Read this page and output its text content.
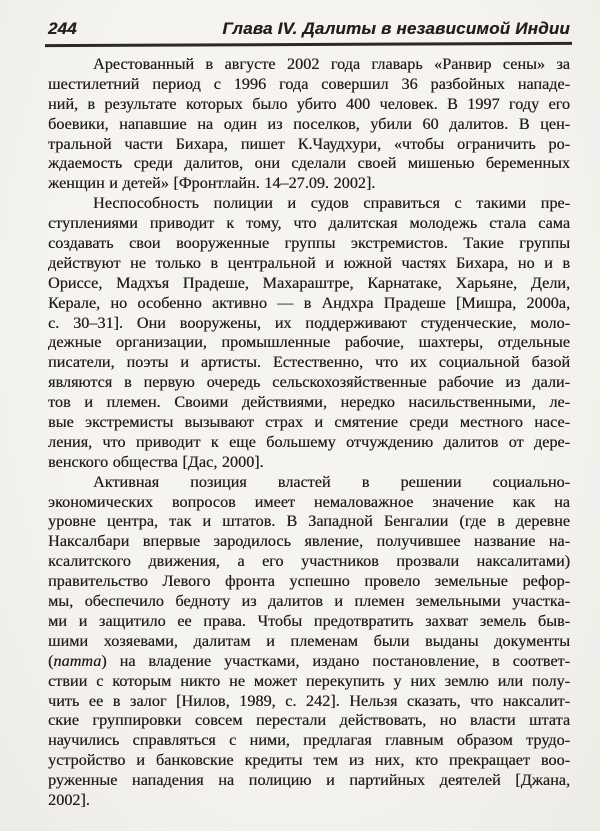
244	Глава IV. Далиты в независимой Индии
Арестованный в августе 2002 года главарь «Ранвир сены» за
шестилетний период с 1996 года совершил 36 разбойных нападе-
ний, в результате которых было убито 400 человек. В 1997 году его
боевики, напавшие на один из поселков, убили 60 далитов. В цен-
тральной части Бихара, пишет К.Чаудхури, «чтобы ограничить ро-
ждаемость среди далитов, они сделали своей мишенью беременных
женщин и детей» [Фронтлайн. 14–27.09. 2002].
Неспособность полиции и судов справиться с такими пре-
ступлениями приводит к тому, что далитская молодежь стала сама
создавать свои вооруженные группы экстремистов. Такие группы
действуют не только в центральной и южной частях Бихара, но и в
Ориссе, Мадхъя Прадеше, Махараштре, Карнатаке, Харьяне, Дели,
Керале, но особенно активно — в Андхра Прадеше [Мишра, 2000а,
с. 30–31]. Они вооружены, их поддерживают студенческие, моло-
дежные организации, промышленные рабочие, шахтеры, отдельные
писатели, поэты и артисты. Естественно, что их социальной базой
являются в первую очередь сельскохозяйственные рабочие из дали-
тов и племен. Своими действиями, нередко насильственными, ле-
вые экстремисты вызывают страх и смятение среди местного насе-
ления, что приводит к еще большему отчуждению далитов от дере-
венского общества [Дас, 2000].
Активная позиция властей в решении социально-
экономических вопросов имеет немаловажное значение как на
уровне центра, так и штатов. В Западной Бенгалии (где в деревне
Наксалбари впервые зародилось явление, получившее название на-
ксалитского движения, а его участников прозвали наксалитами)
правительство Левого фронта успешно провело земельные рефор-
мы, обеспечило бедноту из далитов и племен земельными участка-
ми и защитило ее права. Чтобы предотвратить захват земель быв-
шими хозяевами, далитам и племенам были выданы документы
(патта) на владение участками, издано постановление, в соответ-
ствии с которым никто не может перекупить у них землю или полу-
чить ее в залог [Нилов, 1989, с. 242]. Нельзя сказать, что наксалит-
ские группировки совсем перестали действовать, но власти штата
научились справляться с ними, предлагая главным образом трудо-
устройство и банковские кредиты тем из них, кто прекращает воо-
руженные нападения на полицию и партийных деятелей [Джана,
2002].
